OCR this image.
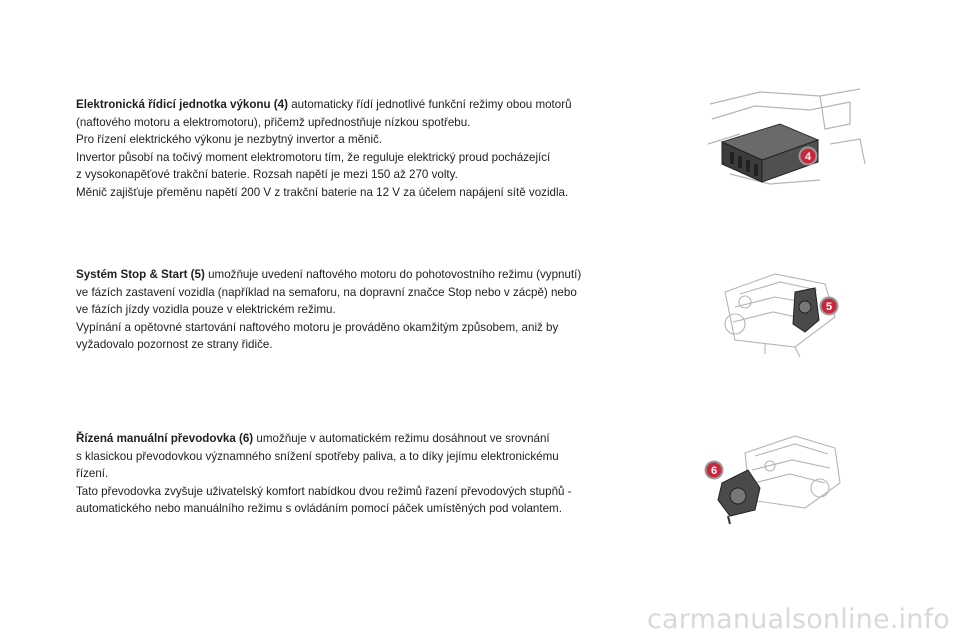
Elektronická řídicí jednotka výkonu (4) automaticky řídí jednotlivé funkční režimy obou motorů

(naftového motoru a elektromotoru), přičemž upřednostňuje nízkou spotřebu.

Pro řízení elektrického výkonu je nezbytný invertor a měnič.

Invertor působí na točivý moment elektromotoru tím, že reguluje elektrický proud pocházející

z vysokonapěťové trakční baterie. Rozsah napětí je mezi 150 až 270 volty.

Měnič zajišťuje přeměnu napětí 200 V z trakční baterie na 12 V za účelem napájení sítě vozidla.

Systém Stop & Start (5) umožňuje uvedení naftového motoru do pohotovostního režimu (vypnutí)

ve fázích zastavení vozidla (například na semaforu, na dopravní značce Stop nebo v zácpě) nebo

ve fázích jízdy vozidla pouze v elektrickém režimu.

Vypínání a opětovné startování naftového motoru je prováděno okamžitým způsobem, aniž by

vyžadovalo pozornost ze strany řidiče.

Řízená manuální převodovka (6) umožňuje v automatickém režimu dosáhnout ve srovnání

s klasickou převodovkou významného snížení spotřeby paliva, a to díky jejímu elektronickému

řízení.

Tato převodovka zvyšuje uživatelský komfort nabídkou dvou režimů řazení převodových stupňů -

automatického nebo manuálního režimu s ovládáním pomocí páček umístěných pod volantem.

4
5
6
carmanualsonline.info
